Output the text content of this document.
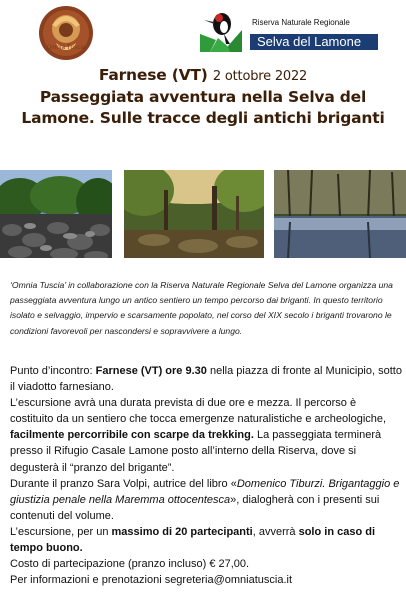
Omnia Tuscia
Riserva Naturale Regionale
Selva del Lamone
Farnese (VT) 2 ottobre 2022
Passeggiata avventura nella Selva del
Lamone. Sulle tracce degli antichi briganti

‘Omnia Tuscia’ in collaborazione con la Riserva Naturale Regionale Selva del Lamone organizza una passeggiata avventura lungo un antico sentiero un tempo percorso dai briganti. In questo territorio isolato e selvaggio, impervio e scarsamente popolato, nel corso del XIX secolo i briganti trovarono le condizioni favorevoli per nascondersi e sopravvivere a lungo.

Punto d’incontro: Farnese (VT) ore 9.30 nella piazza di fronte al Municipio, sotto il viadotto farnesiano.

L’escursione avrà una durata prevista di due ore e mezza. Il percorso è costituito da un sentiero che tocca emergenze naturalistiche e archeologiche, facilmente percorribile con scarpe da trekking. La passeggiata terminerà presso il Rifugio Casale Lamone posto all’interno della Riserva, dove si degusterà il “pranzo del brigante”.

Durante il pranzo Sara Volpi, autrice del libro «Domenico Tiburzi. Brigantaggio e giustizia penale nella Maremma ottocentesca», dialogherà con i presenti sui contenuti del volume.

L’escursione, per un massimo di 20 partecipanti, avverrà solo in caso di tempo buono.

Costo di partecipazione (pranzo incluso) € 27,00.

Per informazioni e prenotazioni segreteria@omniatuscia.it
